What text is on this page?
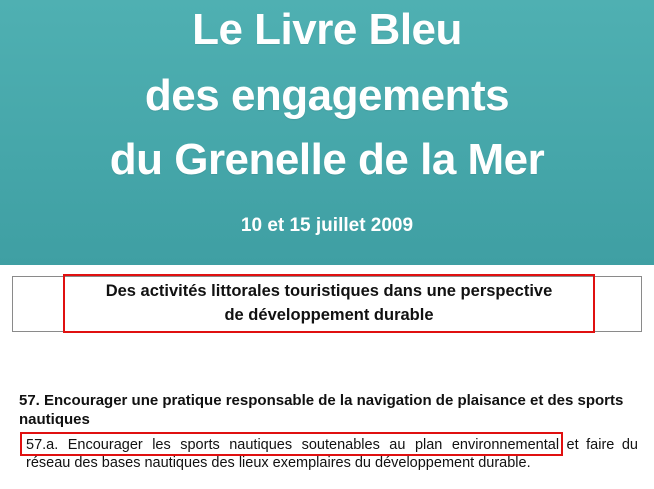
Le Livre Bleu
des engagements
du Grenelle de la Mer
10 et 15 juillet 2009
Des activités littorales touristiques dans une perspective
de développement durable
57. Encourager une pratique responsable de la navigation de plaisance et des sports nautiques
57.a. Encourager les sports nautiques soutenables au plan environnemental et faire du réseau des bases nautiques des lieux exemplaires du développement durable.
